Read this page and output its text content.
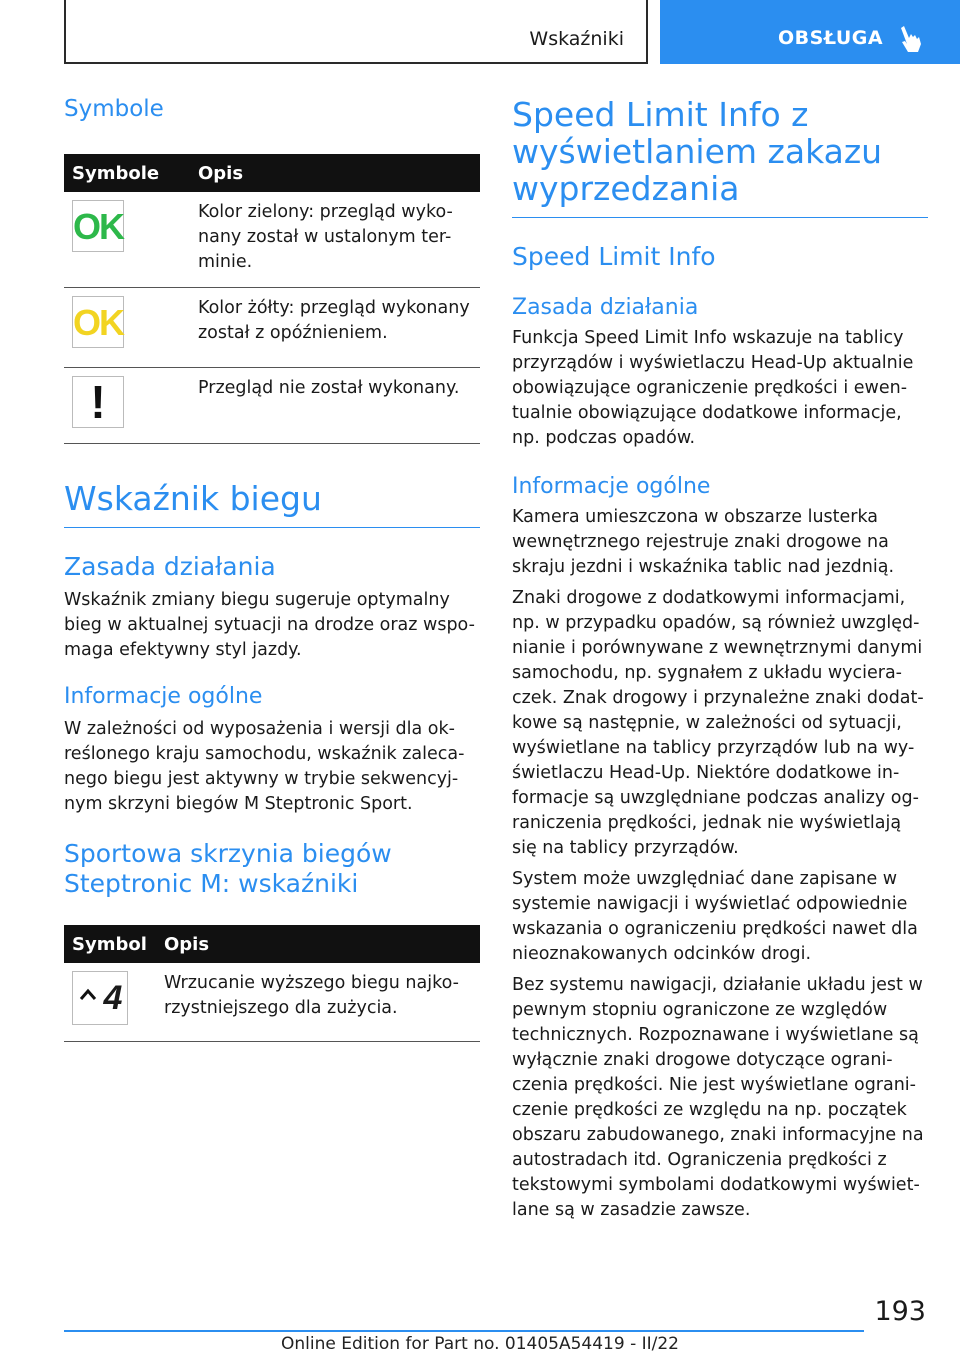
Wskaźniki	OBSŁUGA
Symbole
Symbole	Opis

OK	Kolor zielony: przegląd wyko-nany został w ustalonym ter-minie.

OK	Kolor żółty: przegląd wykonany został z opóźnieniem.

!	Przegląd nie został wykonany.
Wskaźnik biegu
Zasada działania

Wskaźnik zmiany biegu sugeruje optymalny bieg w aktualnej sytuacji na drodze oraz wspo-maga efektywny styl jazdy.

Informacje ogólne

W zależności od wyposażenia i wersji dla ok-reślonego kraju samochodu, wskaźnik zaleca-nego biegu jest aktywny w trybie sekwencyj-nym skrzyni biegów M Steptronic Sport.

Sportowa skrzynia biegów Steptronic M: wskaźniki
Symbol	Opis

4	Wrzucanie wyższego biegu najko-rzystniejszego dla zużycia.
Speed Limit Info z wyświetlaniem zakazu wyprzedzania
Speed Limit Info
Zasada działania

Funkcja Speed Limit Info wskazuje na tablicy przyrządów i wyświetlaczu Head-Up aktualnie obowiązujące ograniczenie prędkości i ewen-tualnie obowiązujące dodatkowe informacje, np. podczas opadów.

Informacje ogólne

Kamera umieszczona w obszarze lusterka wewnętrznego rejestruje znaki drogowe na skraju jezdni i wskaźnika tablic nad jezdnią.

Znaki drogowe z dodatkowymi informacjami, np. w przypadku opadów, są również uwzględ-nianie i porównywane z wewnętrznymi danymi samochodu, np. sygnałem z układu wyciera-czek. Znak drogowy i przynależne znaki dodat-kowe są następnie, w zależności od sytuacji, wyświetlane na tablicy przyrządów lub na wy-świetlaczu Head-Up. Niektóre dodatkowe in-formacje są uwzględniane podczas analizy og-raniczenia prędkości, jednak nie wyświetlają się na tablicy przyrządów.

System może uwzględniać dane zapisane w systemie nawigacji i wyświetlać odpowiednie wskazania o ograniczeniu prędkości nawet dla nieoznakowanych odcinków drogi.

Bez systemu nawigacji, działanie układu jest w pewnym stopniu ograniczone ze względów technicznych. Rozpoznawane i wyświetlane są wyłącznie znaki drogowe dotyczące ograni-czenia prędkości. Nie jest wyświetlane ograni-czenie prędkości ze względu na np. początek obszaru zabudowanego, znaki informacyjne na autostradach itd. Ograniczenia prędkości z tekstowymi symbolami dodatkowymi wyświet-lane są w zasadzie zawsze.

193
Online Edition for Part no. 01405A54419 - II/22
